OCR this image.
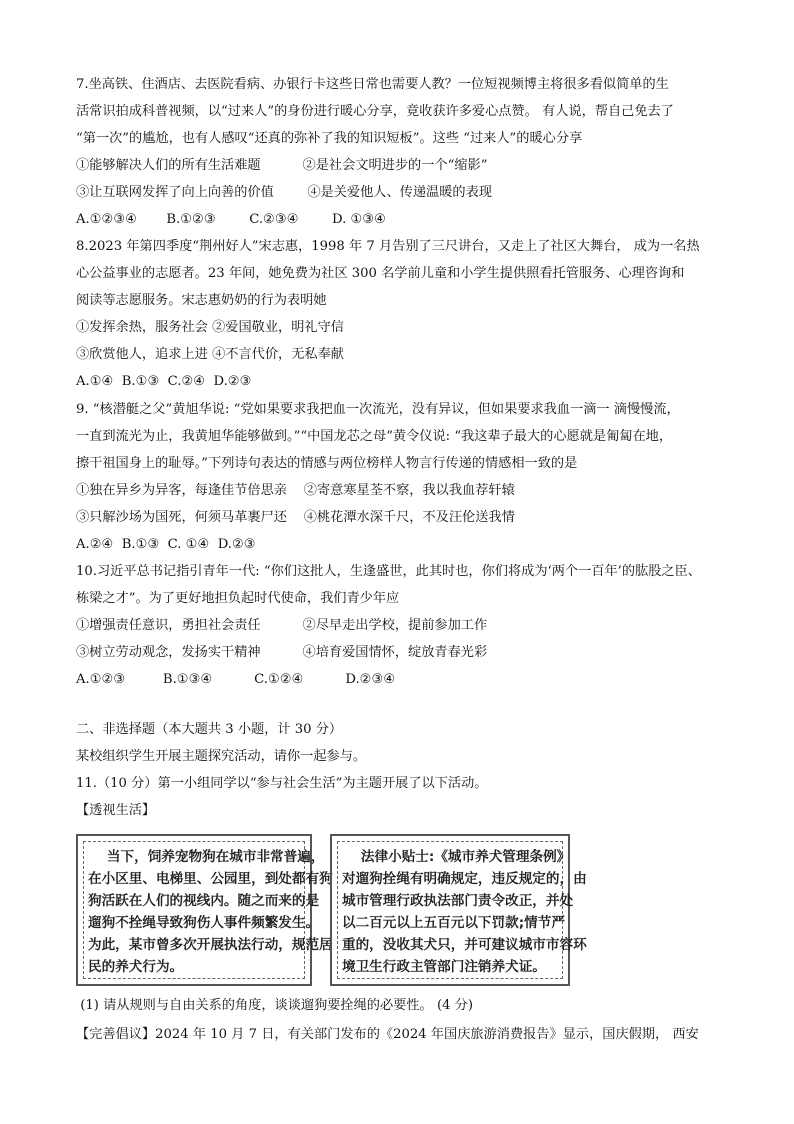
7.坐高铁、住酒店、去医院看病、办银行卡这些日常也需要人教？一位短视频博主将很多看似简单的生
活常识拍成科普视频，以“过来人”的身份进行暖心分享，竟收获许多爱心点赞。 有人说，帮自己免去了
“第一次”的尴尬，也有人感叹“还真的弥补了我的知识短板”。这些 “过来人”的暖心分享
①能够解决人们的所有生活难题          ②是社会文明进步的一个“缩影”
③让互联网发挥了向上向善的价值        ④是关爱他人、传递温暖的表现
A.①②③④       B.①②③        C.②③④        D. ①③④
8.2023 年第四季度“荆州好人”宋志惠，1998 年 7 月告别了三尺讲台，又走上了社区大舞台， 成为一名热
心公益事业的志愿者。23 年间，她免费为社区 300 名学前儿童和小学生提供照看托管服务、心理咨询和
阅读等志愿服务。宋志惠奶奶的行为表明她
①发挥余热，服务社会 ②爱国敬业，明礼守信
③欣赏他人，追求上进 ④不言代价，无私奉献
A.①④  B.①③  C.②④  D.②③
9. “核潜艇之父”黄旭华说: “党如果要求我把血一次流光，没有异议，但如果要求我血一滴一 滴慢慢流，
一直到流光为止，我黄旭华能够做到。”“中国龙芯之母”黄令仪说: “我这辈子最大的心愿就是匍匐在地，
擦干祖国身上的耻辱。”下列诗句表达的情感与两位榜样人物言行传递的情感相一致的是
①独在异乡为异客，每逢佳节倍思亲    ②寄意寒星荃不察，我以我血荐轩辕
③只解沙场为国死，何须马革裹尸还    ④桃花潭水深千尺，不及汪伦送我情
A.②④  B.①③  C. ①④  D.②③
10.习近平总书记指引青年一代: “你们这批人，生逢盛世，此其时也，你们将成为‘两个一百年’的肱股之臣、
栋梁之才”。为了更好地担负起时代使命，我们青少年应
①增强责任意识，勇担社会责任          ②尽早走出学校，提前参加工作
③树立劳动观念，发扬实干精神          ④培育爱国情怀，绽放青春光彩
A.①②③         B.①③④          C.①②④          D.②③④
二、非选择题（本大题共 3 小题，计 30 分）
某校组织学生开展主题探究活动，请你一起参与。
11.（10 分）第一小组同学以“参与社会生活”为主题开展了以下活动。
【透视生活】
当下，饲养宠物狗在城市非常普遍，
在小区里、电梯里、公园里，到处都有狗
狗活跃在人们的视线内。随之而来的是
遛狗不拴绳导致狗伤人事件频繁发生。
为此，某市曾多次开展执法行动，规范居
民的养犬行为。
法律小贴士:《城市养犬管理条例》
对遛狗拴绳有明确规定，违反规定的，由
城市管理行政执法部门责令改正，并处
以二百元以上五百元以下罚款;情节严
重的，没收其犬只，并可建议城市市容环
境卫生行政主管部门注销养犬证。
(1) 请从规则与自由关系的角度，谈谈遛狗要拴绳的必要性。 (4 分)
【完善倡议】2024 年 10 月 7 日，有关部门发布的《2024 年国庆旅游消费报告》显示，国庆假期， 西安
